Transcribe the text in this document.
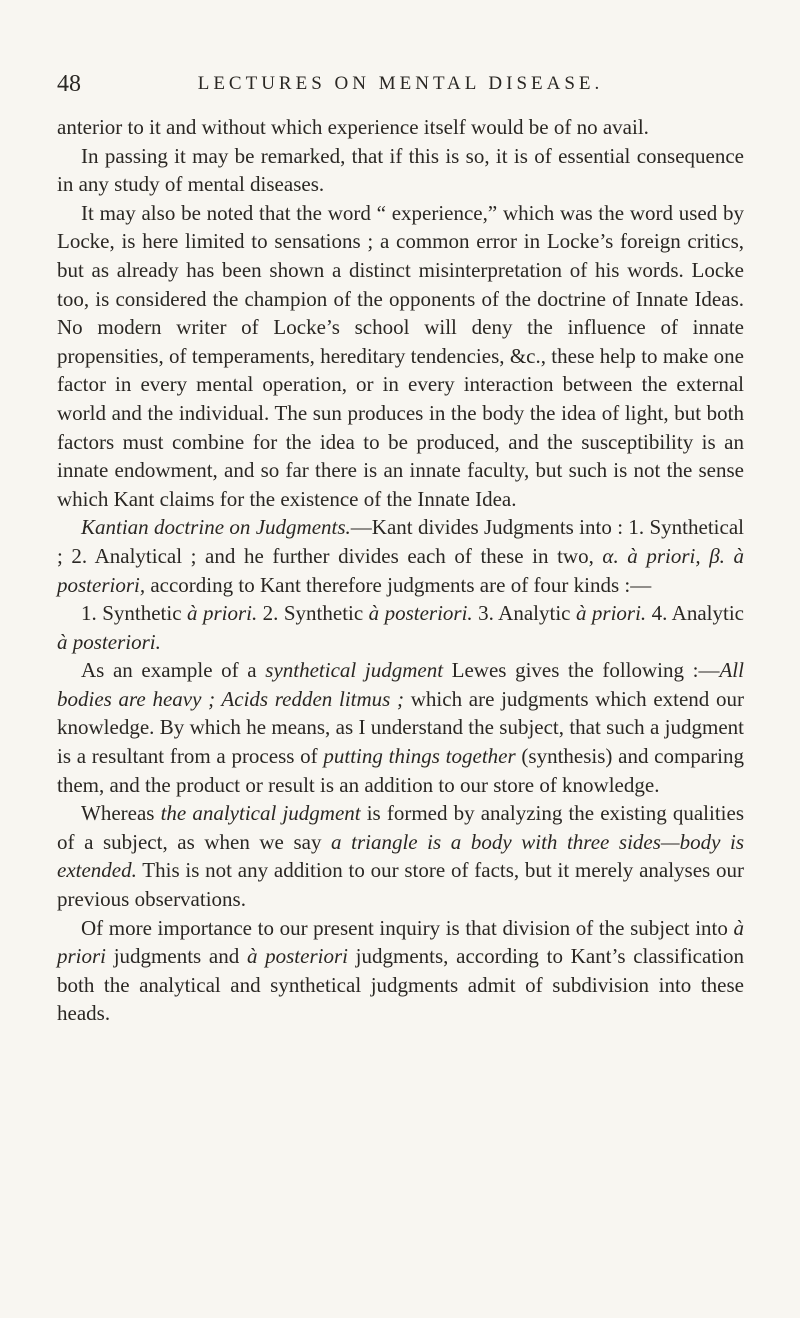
48	LECTURES ON MENTAL DISEASE.

anterior to it and without which experience itself would be of no avail.

In passing it may be remarked, that if this is so, it is of essential consequence in any study of mental diseases.

It may also be noted that the word “ experience,” which was the word used by Locke, is here limited to sensations ; a common error in Locke’s foreign critics, but as already has been shown a distinct misinterpretation of his words. Locke too, is considered the champion of the opponents of the doctrine of Innate Ideas. No modern writer of Locke’s school will deny the influence of innate propensities, of temperaments, hereditary tendencies, &c., these help to make one factor in every mental operation, or in every interaction between the external world and the individual. The sun produces in the body the idea of light, but both factors must combine for the idea to be produced, and the susceptibility is an innate endowment, and so far there is an innate faculty, but such is not the sense which Kant claims for the existence of the Innate Idea.

Kantian doctrine on Judgments.—Kant divides Judgments into : 1. Synthetical ; 2. Analytical ; and he further divides each of these in two, α. à priori, β. à posteriori, according to Kant therefore judgments are of four kinds :—

1. Synthetic à priori. 2. Synthetic à posteriori. 3. Analytic à priori. 4. Analytic à posteriori.

As an example of a synthetical judgment Lewes gives the following :—All bodies are heavy ; Acids redden litmus ; which are judgments which extend our knowledge. By which he means, as I understand the subject, that such a judgment is a resultant from a process of putting things together (synthesis) and comparing them, and the product or result is an addition to our store of knowledge.

Whereas the analytical judgment is formed by analyzing the existing qualities of a subject, as when we say a triangle is a body with three sides—body is extended. This is not any addition to our store of facts, but it merely analyses our previous observations.

Of more importance to our present inquiry is that division of the subject into à priori judgments and à posteriori judgments, according to Kant’s classification both the analytical and synthetical judgments admit of subdivision into these heads.
